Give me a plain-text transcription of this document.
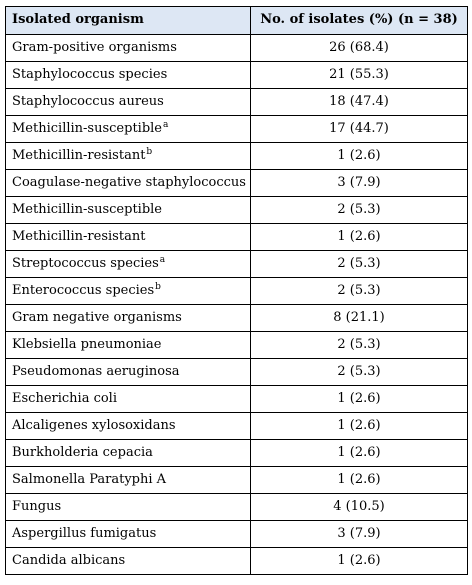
Isolated organism	No. of isolates (%) (n = 38)
Gram-positive organisms	26 (68.4)
Staphylococcus species	21 (55.3)
Staphylococcus aureus	18 (47.4)
Methicillin-susceptible$^a$	17 (44.7)
Methicillin-resistant$^b$	1 (2.6)
Coagulase-negative staphylococcus	3 (7.9)
Methicillin-susceptible	2 (5.3)
Methicillin-resistant	1 (2.6)
Streptococcus species$^a$	2 (5.3)
Enterococcus species$^b$	2 (5.3)
Gram negative organisms	8 (21.1)
Klebsiella pneumoniae	2 (5.3)
Pseudomonas aeruginosa	2 (5.3)
Escherichia coli	1 (2.6)
Alcaligenes xylosoxidans	1 (2.6)
Burkholderia cepacia	1 (2.6)
Salmonella Paratyphi A	1 (2.6)
Fungus	4 (10.5)
Aspergillus fumigatus	3 (7.9)
Candida albicans	1 (2.6)
